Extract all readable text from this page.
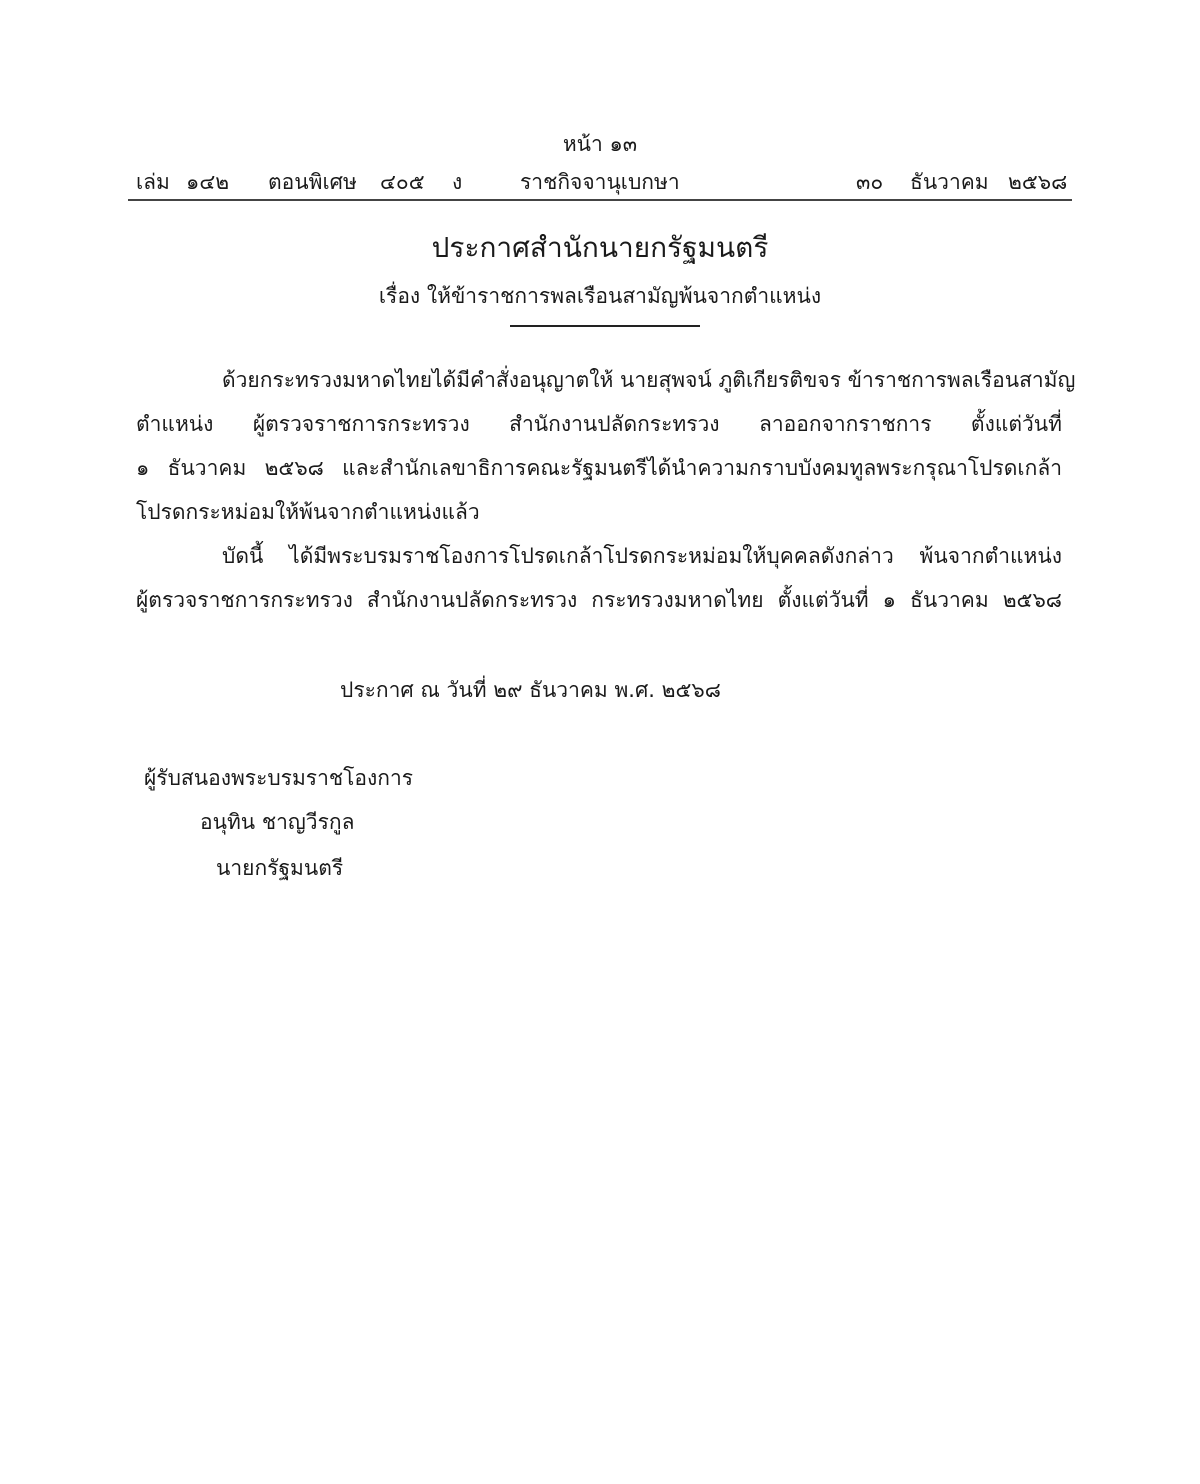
หน้า ๑๓
เล่ม ๑๔๒ ตอนพิเศษ ๔๐๕ ง	ราชกิจจานุเบกษา	๓๐ ธันวาคม ๒๕๖๘
ประกาศสำนักนายกรัฐมนตรี
เรื่อง ให้ข้าราชการพลเรือนสามัญพ้นจากตำแหน่ง
ด้วยกระทรวงมหาดไทยได้มีคำสั่งอนุญาตให้ นายสุพจน์ ภูติเกียรติขจร ข้าราชการพลเรือนสามัญ
ตำแหน่ง ผู้ตรวจราชการกระทรวง สำนักงานปลัดกระทรวง ลาออกจากราชการ ตั้งแต่วันที่
๑ ธันวาคม ๒๕๖๘ และสำนักเลขาธิการคณะรัฐมนตรีได้นำความกราบบังคมทูลพระกรุณาโปรดเกล้า
โปรดกระหม่อมให้พ้นจากตำแหน่งแล้ว
บัดนี้ ได้มีพระบรมราชโองการโปรดเกล้าโปรดกระหม่อมให้บุคคลดังกล่าว พ้นจากตำแหน่ง
ผู้ตรวจราชการกระทรวง สำนักงานปลัดกระทรวง กระทรวงมหาดไทย ตั้งแต่วันที่ ๑ ธันวาคม ๒๕๖๘
ประกาศ ณ วันที่ ๒๙ ธันวาคม พ.ศ. ๒๕๖๘
ผู้รับสนองพระบรมราชโองการ
อนุทิน ชาญวีรกูล
นายกรัฐมนตรี
